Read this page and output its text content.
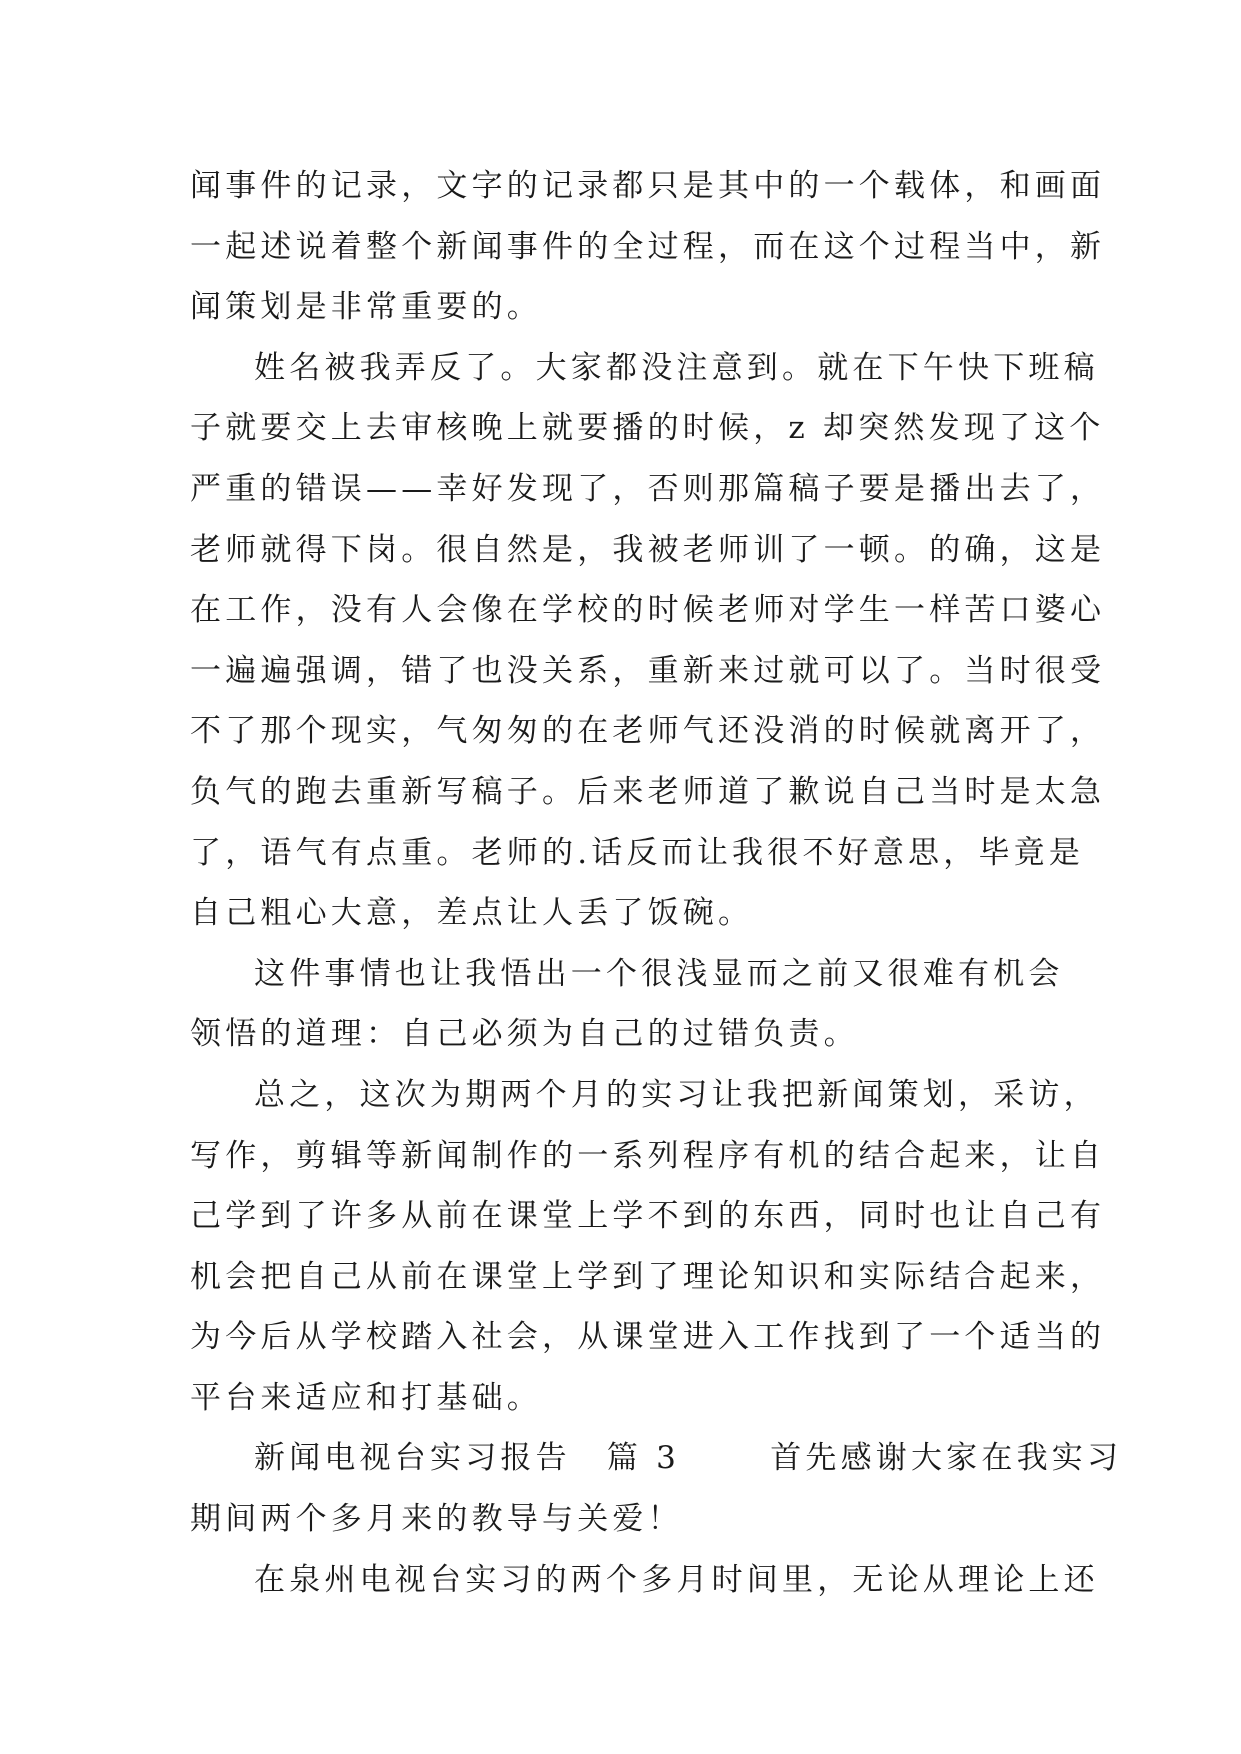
闻事件的记录，文字的记录都只是其中的一个载体，和画面
一起述说着整个新闻事件的全过程，而在这个过程当中，新
闻策划是非常重要的。
姓名被我弄反了。大家都没注意到。就在下午快下班稿
子就要交上去审核晚上就要播的时候，z 却突然发现了这个
严重的错误——幸好发现了，否则那篇稿子要是播出去了，
老师就得下岗。很自然是，我被老师训了一顿。的确，这是
在工作，没有人会像在学校的时候老师对学生一样苦口婆心
一遍遍强调，错了也没关系，重新来过就可以了。当时很受
不了那个现实，气匆匆的在老师气还没消的时候就离开了，
负气的跑去重新写稿子。后来老师道了歉说自己当时是太急
了，语气有点重。老师的.话反而让我很不好意思，毕竟是
自己粗心大意，差点让人丢了饭碗。
这件事情也让我悟出一个很浅显而之前又很难有机会
领悟的道理：自己必须为自己的过错负责。
总之，这次为期两个月的实习让我把新闻策划，采访，
写作，剪辑等新闻制作的一系列程序有机的结合起来，让自
己学到了许多从前在课堂上学不到的东西，同时也让自己有
机会把自己从前在课堂上学到了理论知识和实际结合起来，
为今后从学校踏入社会，从课堂进入工作找到了一个适当的
平台来适应和打基础。
新闻电视台实习报告 篇 3	首先感谢大家在我实习
期间两个多月来的教导与关爱！
在泉州电视台实习的两个多月时间里，无论从理论上还
